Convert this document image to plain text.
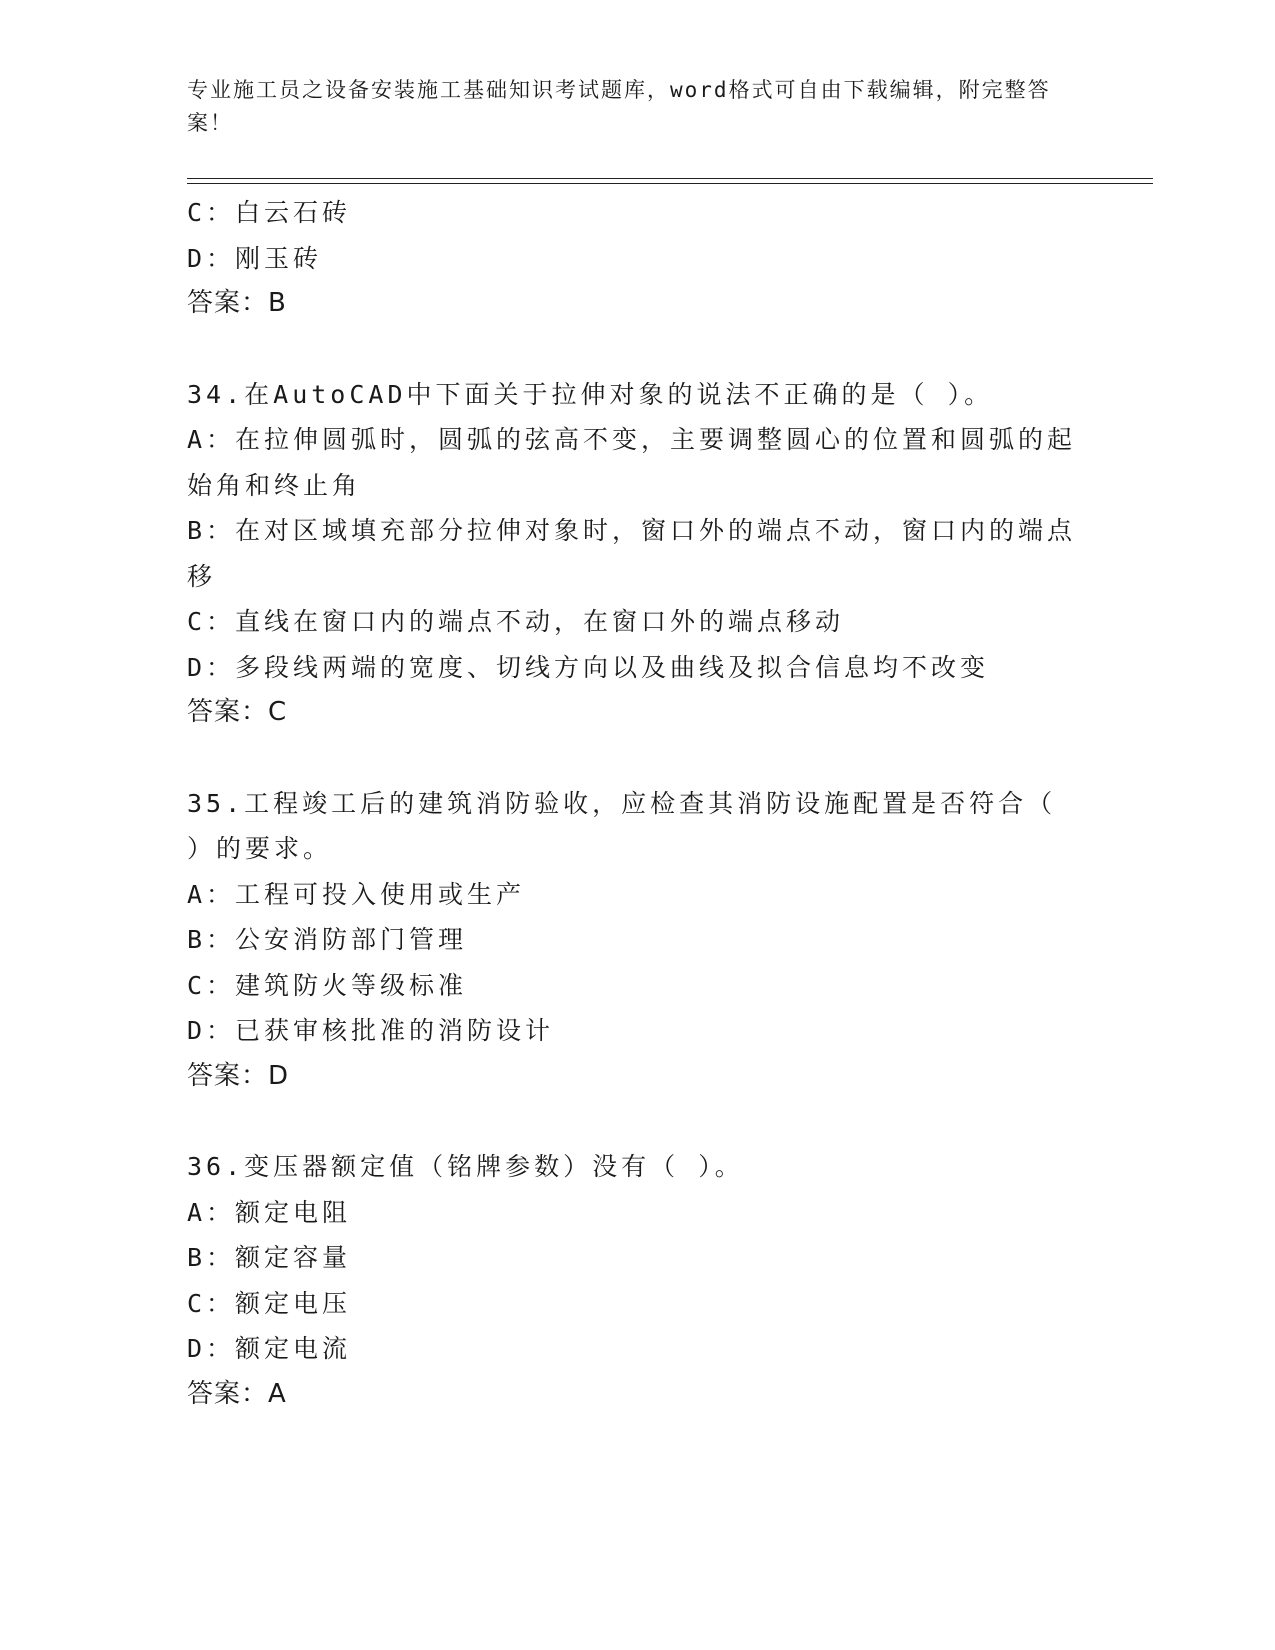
专业施工员之设备安装施工基础知识考试题库，word格式可自由下载编辑，附完整答案！
C：白云石砖
D：刚玉砖
答案：B
34.在AutoCAD中下面关于拉伸对象的说法不正确的是（ ）。
A：在拉伸圆弧时，圆弧的弦高不变，主要调整圆心的位置和圆弧的起始角和终止角
B：在对区域填充部分拉伸对象时，窗口外的端点不动，窗口内的端点移
C：直线在窗口内的端点不动，在窗口外的端点移动
D：多段线两端的宽度、切线方向以及曲线及拟合信息均不改变
答案：C
35.工程竣工后的建筑消防验收，应检查其消防设施配置是否符合（ ）的要求。
A：工程可投入使用或生产
B：公安消防部门管理
C：建筑防火等级标准
D：已获审核批准的消防设计
答案：D
36.变压器额定值（铭牌参数）没有（ ）。
A：额定电阻
B：额定容量
C：额定电压
D：额定电流
答案：A
